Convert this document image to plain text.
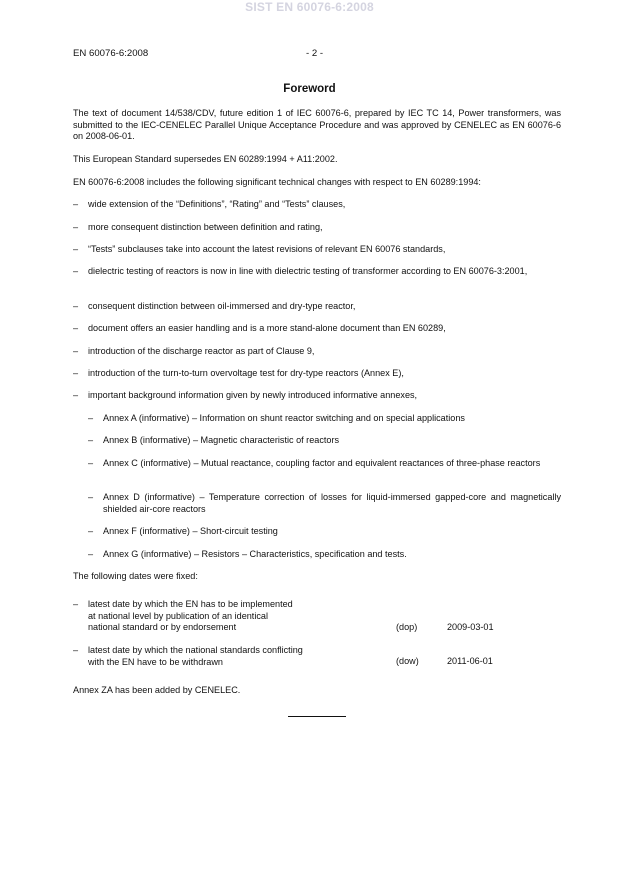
SIST EN 60076-6:2008
EN 60076-6:2008	- 2 -
Foreword

The text of document 14/538/CDV, future edition 1 of IEC 60076-6, prepared by IEC TC 14, Power transformers, was submitted to the IEC-CENELEC Parallel Unique Acceptance Procedure and was approved by CENELEC as EN 60076-6 on 2008-06-01.

This European Standard supersedes EN 60289:1994 + A11:2002.

EN 60076-6:2008 includes the following significant technical changes with respect to EN 60289:1994:

– wide extension of the “Definitions”, “Rating” and “Tests” clauses,
– more consequent distinction between definition and rating,
– “Tests” subclauses take into account the latest revisions of relevant EN 60076 standards,
– dielectric testing of reactors is now in line with dielectric testing of transformer according to EN 60076-3:2001,
– consequent distinction between oil-immersed and dry-type reactor,
– document offers an easier handling and is a more stand-alone document than EN 60289,
– introduction of the discharge reactor as part of Clause 9,
– introduction of the turn-to-turn overvoltage test for dry-type reactors (Annex E),
– important background information given by newly introduced informative annexes,
– Annex A (informative) – Information on shunt reactor switching and on special applications
– Annex B (informative) – Magnetic characteristic of reactors
– Annex C (informative) – Mutual reactance, coupling factor and equivalent reactances of three-phase reactors
– Annex D (informative) – Temperature correction of losses for liquid-immersed gapped-core and magnetically shielded air-core reactors
– Annex F (informative) – Short-circuit testing
– Annex G (informative) – Resistors – Characteristics, specification and tests.

The following dates were fixed:

– latest date by which the EN has to be implemented
at national level by publication of an identical
national standard or by endorsement	(dop)	2009-03-01
– latest date by which the national standards conflicting
with the EN have to be withdrawn	(dow)	2011-06-01

Annex ZA has been added by CENELEC.
